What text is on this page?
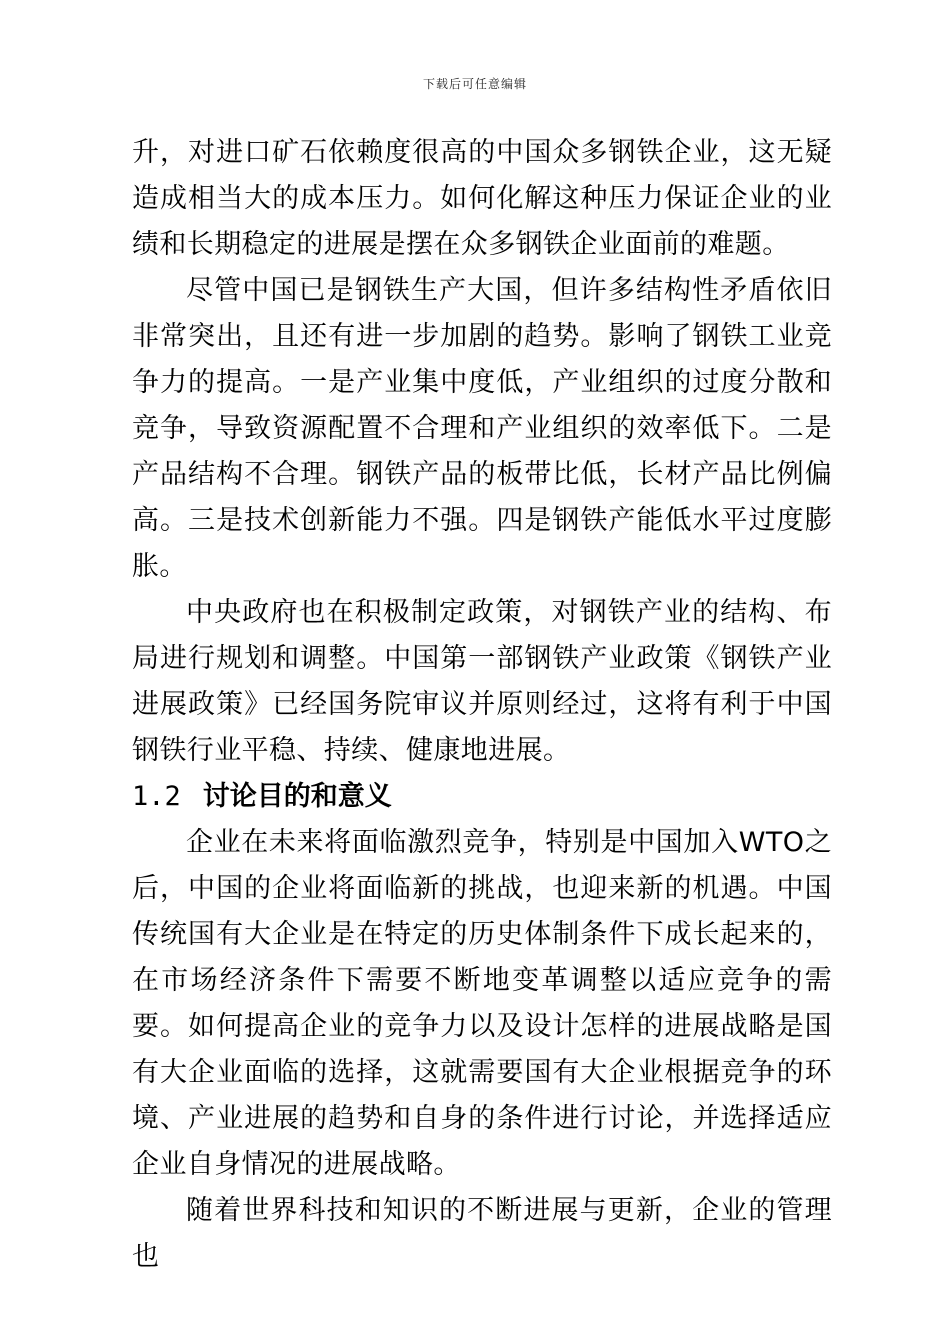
下载后可任意编辑

升，对进口矿石依赖度很高的中国众多钢铁企业，这无疑造成相当大的成本压力。如何化解这种压力保证企业的业绩和长期稳定的进展是摆在众多钢铁企业面前的难题。

尽管中国已是钢铁生产大国，但许多结构性矛盾依旧非常突出，且还有进一步加剧的趋势。影响了钢铁工业竞争力的提高。一是产业集中度低，产业组织的过度分散和竞争，导致资源配置不合理和产业组织的效率低下。二是产品结构不合理。钢铁产品的板带比低，长材产品比例偏高。三是技术创新能力不强。四是钢铁产能低水平过度膨胀。

中央政府也在积极制定政策，对钢铁产业的结构、布局进行规划和调整。中国第一部钢铁产业政策《钢铁产业进展政策》已经国务院审议并原则经过，这将有利于中国钢铁行业平稳、持续、健康地进展。

1.2 讨论目的和意义

企业在未来将面临激烈竞争，特别是中国加入WTO之后，中国的企业将面临新的挑战，也迎来新的机遇。中国传统国有大企业是在特定的历史体制条件下成长起来的，在市场经济条件下需要不断地变革调整以适应竞争的需要。如何提高企业的竞争力以及设计怎样的进展战略是国有大企业面临的选择，这就需要国有大企业根据竞争的环境、产业进展的趋势和自身的条件进行讨论，并选择适应企业自身情况的进展战略。

随着世界科技和知识的不断进展与更新，企业的管理也
